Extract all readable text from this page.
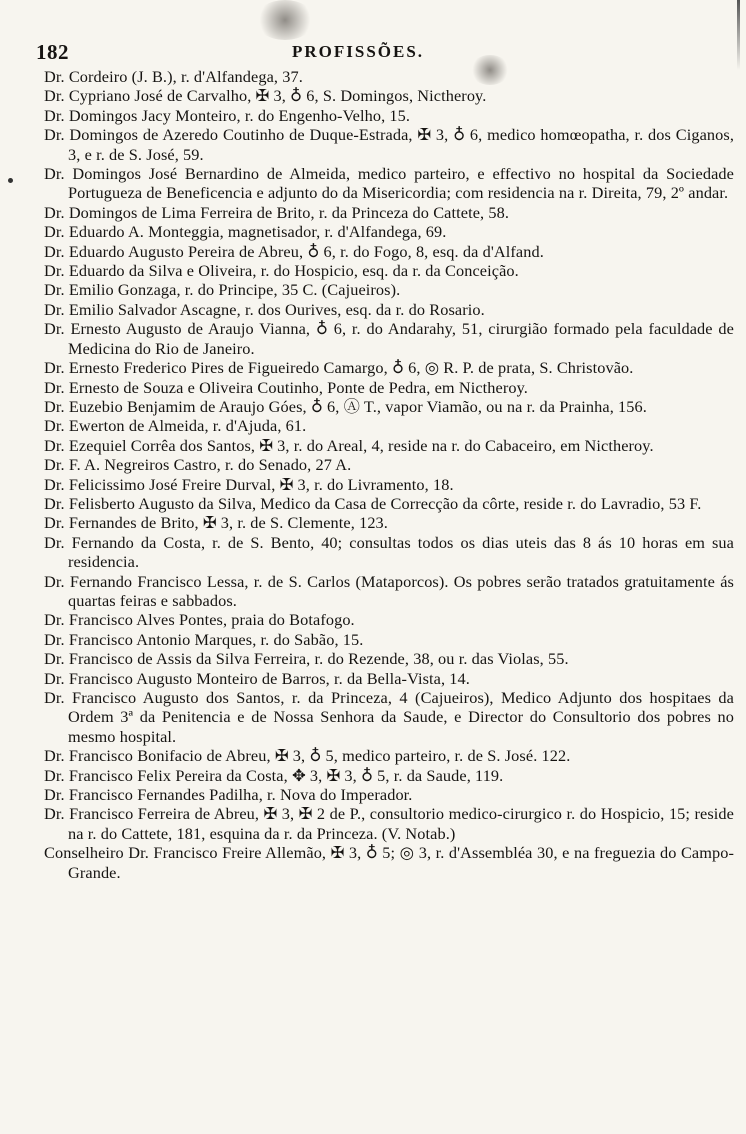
182	PROFISSÕES.

Dr. Cordeiro (J. B.), r. d'Alfandega, 37.

Dr. Cypriano José de Carvalho, ✠ 3, ♁ 6, S. Domingos, Nictheroy.

Dr. Domingos Jacy Monteiro, r. do Engenho-Velho, 15.

Dr. Domingos de Azeredo Coutinho de Duque-Estrada, ✠ 3, ♁ 6, medico homœopatha, r. dos Ciganos, 3, e r. de S. José, 59.

Dr. Domingos José Bernardino de Almeida, medico parteiro, e effectivo no hospital da Sociedade Portugueza de Beneficencia e adjunto do da Misericordia; com residencia na r. Direita, 79, 2º andar.

Dr. Domingos de Lima Ferreira de Brito, r. da Princeza do Cattete, 58.

Dr. Eduardo A. Monteggia, magnetisador, r. d'Alfandega, 69.

Dr. Eduardo Augusto Pereira de Abreu, ♁ 6, r. do Fogo, 8, esq. da d'Alfand.

Dr. Eduardo da Silva e Oliveira, r. do Hospicio, esq. da r. da Conceição.

Dr. Emilio Gonzaga, r. do Principe, 35 C. (Cajueiros).

Dr. Emilio Salvador Ascagne, r. dos Ourives, esq. da r. do Rosario.

Dr. Ernesto Augusto de Araujo Vianna, ♁ 6, r. do Andarahy, 51, cirurgião formado pela faculdade de Medicina do Rio de Janeiro.

Dr. Ernesto Frederico Pires de Figueiredo Camargo, ♁ 6, ◎ R. P. de prata, S. Christovão.

Dr. Ernesto de Souza e Oliveira Coutinho, Ponte de Pedra, em Nictheroy.

Dr. Euzebio Benjamim de Araujo Góes, ♁ 6, Ⓐ T., vapor Viamão, ou na r. da Prainha, 156.

Dr. Ewerton de Almeida, r. d'Ajuda, 61.

Dr. Ezequiel Corrêa dos Santos, ✠ 3, r. do Areal, 4, reside na r. do Cabaceiro, em Nictheroy.

Dr. F. A. Negreiros Castro, r. do Senado, 27 A.

Dr. Felicissimo José Freire Durval, ✠ 3, r. do Livramento, 18.

Dr. Felisberto Augusto da Silva, Medico da Casa de Correcção da côrte, reside r. do Lavradio, 53 F.

Dr. Fernandes de Brito, ✠ 3, r. de S. Clemente, 123.

Dr. Fernando da Costa, r. de S. Bento, 40; consultas todos os dias uteis das 8 ás 10 horas em sua residencia.

Dr. Fernando Francisco Lessa, r. de S. Carlos (Mataporcos). Os pobres serão tratados gratuitamente ás quartas feiras e sabbados.

Dr. Francisco Alves Pontes, praia do Botafogo.

Dr. Francisco Antonio Marques, r. do Sabão, 15.

Dr. Francisco de Assis da Silva Ferreira, r. do Rezende, 38, ou r. das Violas, 55.

Dr. Francisco Augusto Monteiro de Barros, r. da Bella-Vista, 14.

Dr. Francisco Augusto dos Santos, r. da Princeza, 4 (Cajueiros), Medico Adjunto dos hospitaes da Ordem 3ª da Penitencia e de Nossa Senhora da Saude, e Director do Consultorio dos pobres no mesmo hospital.

Dr. Francisco Bonifacio de Abreu, ✠ 3, ♁ 5, medico parteiro, r. de S. José. 122.

Dr. Francisco Felix Pereira da Costa, ✥ 3, ✠ 3, ♁ 5, r. da Saude, 119.

Dr. Francisco Fernandes Padilha, r. Nova do Imperador.

Dr. Francisco Ferreira de Abreu, ✠ 3, ✠ 2 de P., consultorio medico-cirurgico r. do Hospicio, 15; reside na r. do Cattete, 181, esquina da r. da Princeza. (V. Notab.)

Conselheiro Dr. Francisco Freire Allemão, ✠ 3, ♁ 5; ◎ 3, r. d'Assembléa 30, e na freguezia do Campo-Grande.
